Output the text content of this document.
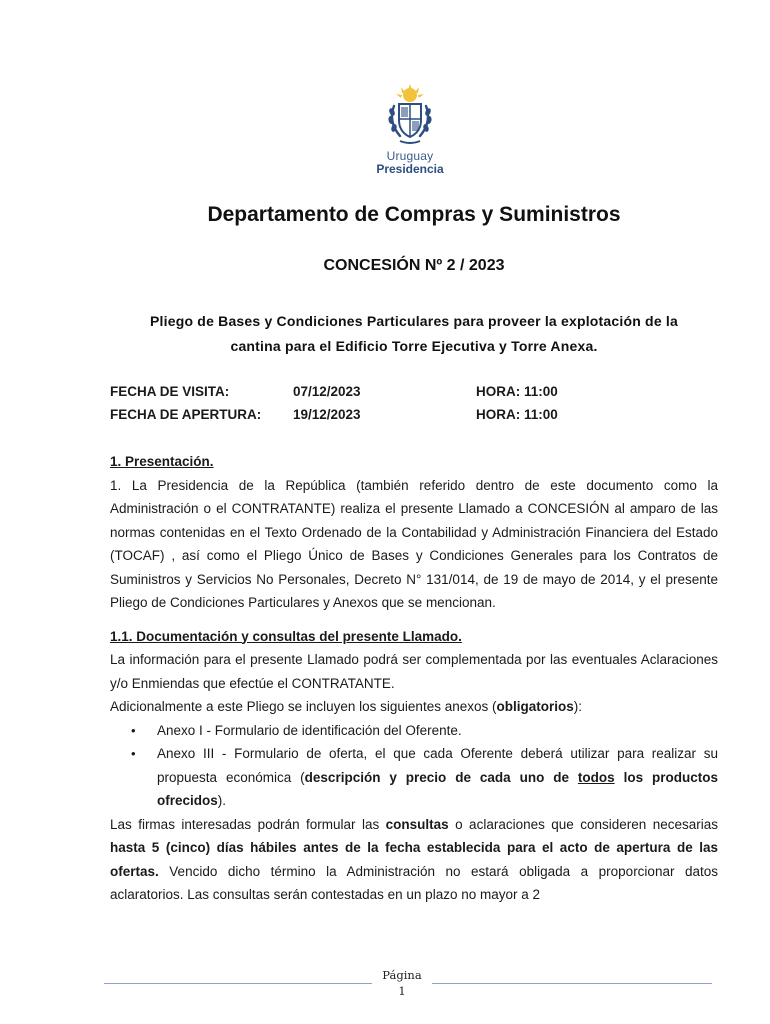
Uruguay
Presidencia
Departamento de Compras y Suministros
CONCESIÓN Nº 2 / 2023
Pliego de Bases y Condiciones Particulares para proveer la explotación de la
cantina para el Edificio Torre Ejecutiva y Torre Anexa.
FECHA DE VISITA:	07/12/2023	HORA: 11:00
FECHA DE APERTURA: 19/12/2023	HORA: 11:00
1. Presentación.
1. La Presidencia de la República (también referido dentro de este documento como la Administración o el CONTRATANTE) realiza el presente Llamado a CONCESIÓN al amparo de las normas contenidas en el Texto Ordenado de la Contabilidad y Administración Financiera del Estado (TOCAF) , así como el Pliego Único de Bases y Condiciones Generales para los Contratos de Suministros y Servicios No Personales, Decreto N° 131/014, de 19 de mayo de 2014, y el presente Pliego de Condiciones Particulares y Anexos que se mencionan.
1.1. Documentación y consultas del presente Llamado.
La información para el presente Llamado podrá ser complementada por las eventuales Aclaraciones y/o Enmiendas que efectúe el CONTRATANTE.
Adicionalmente a este Pliego se incluyen los siguientes anexos (obligatorios):
• Anexo I - Formulario de identificación del Oferente.
• Anexo III - Formulario de oferta, el que cada Oferente deberá utilizar para realizar su propuesta económica (descripción y precio de cada uno de todos los productos ofrecidos).
Las firmas interesadas podrán formular las consultas o aclaraciones que consideren necesarias hasta 5 (cinco) días hábiles antes de la fecha establecida para el acto de apertura de las ofertas. Vencido dicho término la Administración no estará obligada a proporcionar datos aclaratorios. Las consultas serán contestadas en un plazo no mayor a 2
Página
1
